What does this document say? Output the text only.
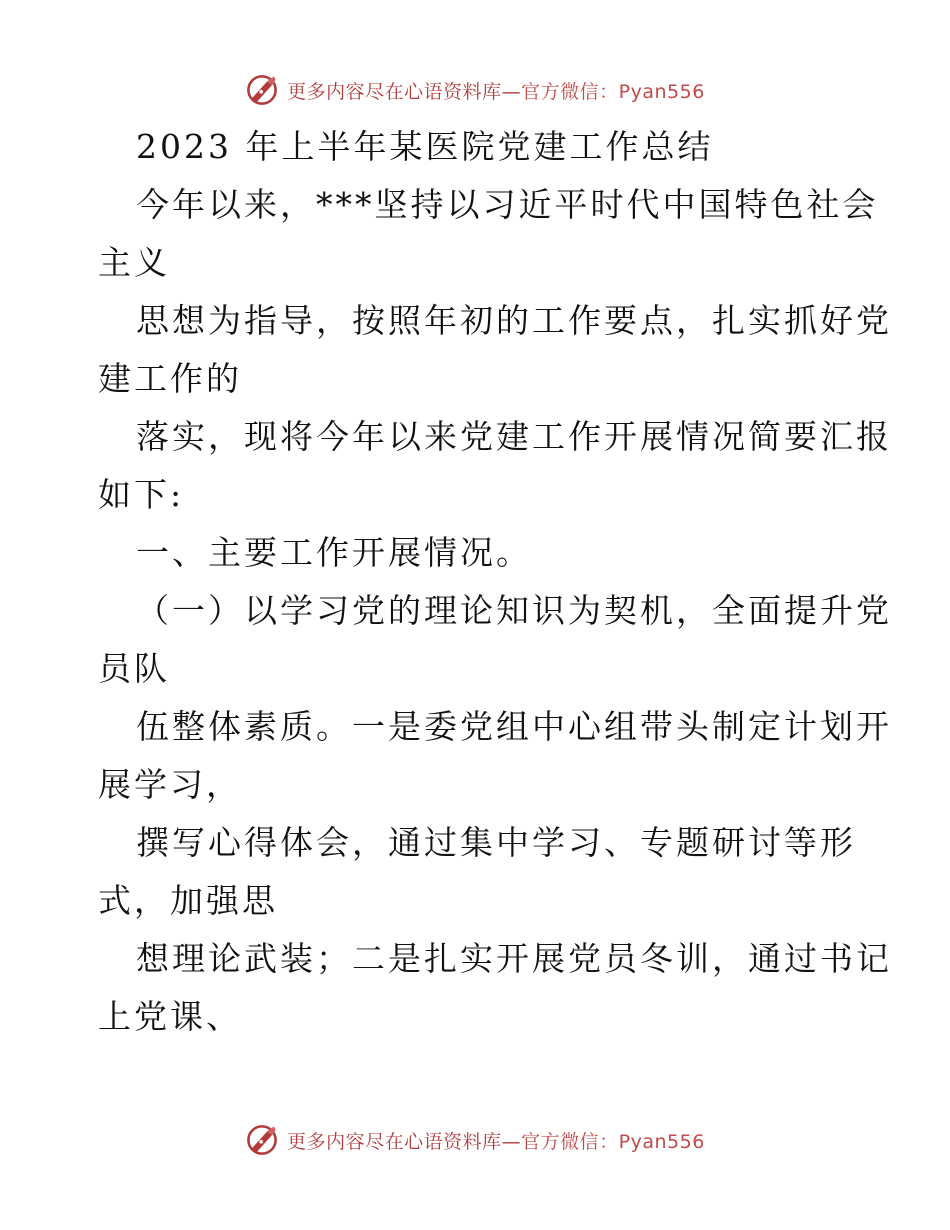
更多内容尽在心语资料库—官方微信：Pyan556
2023 年上半年某医院党建工作总结
今年以来，***坚持以习近平时代中国特色社会
主义
思想为指导，按照年初的工作要点，扎实抓好党
建工作的
落实，现将今年以来党建工作开展情况简要汇报
如下:
一、主要工作开展情况。
（一）以学习党的理论知识为契机，全面提升党
员队
伍整体素质。一是委党组中心组带头制定计划开
展学习，
撰写心得体会，通过集中学习、专题研讨等形
式，加强思
想理论武装；二是扎实开展党员冬训，通过书记
上党课、
更多内容尽在心语资料库—官方微信：Pyan556
